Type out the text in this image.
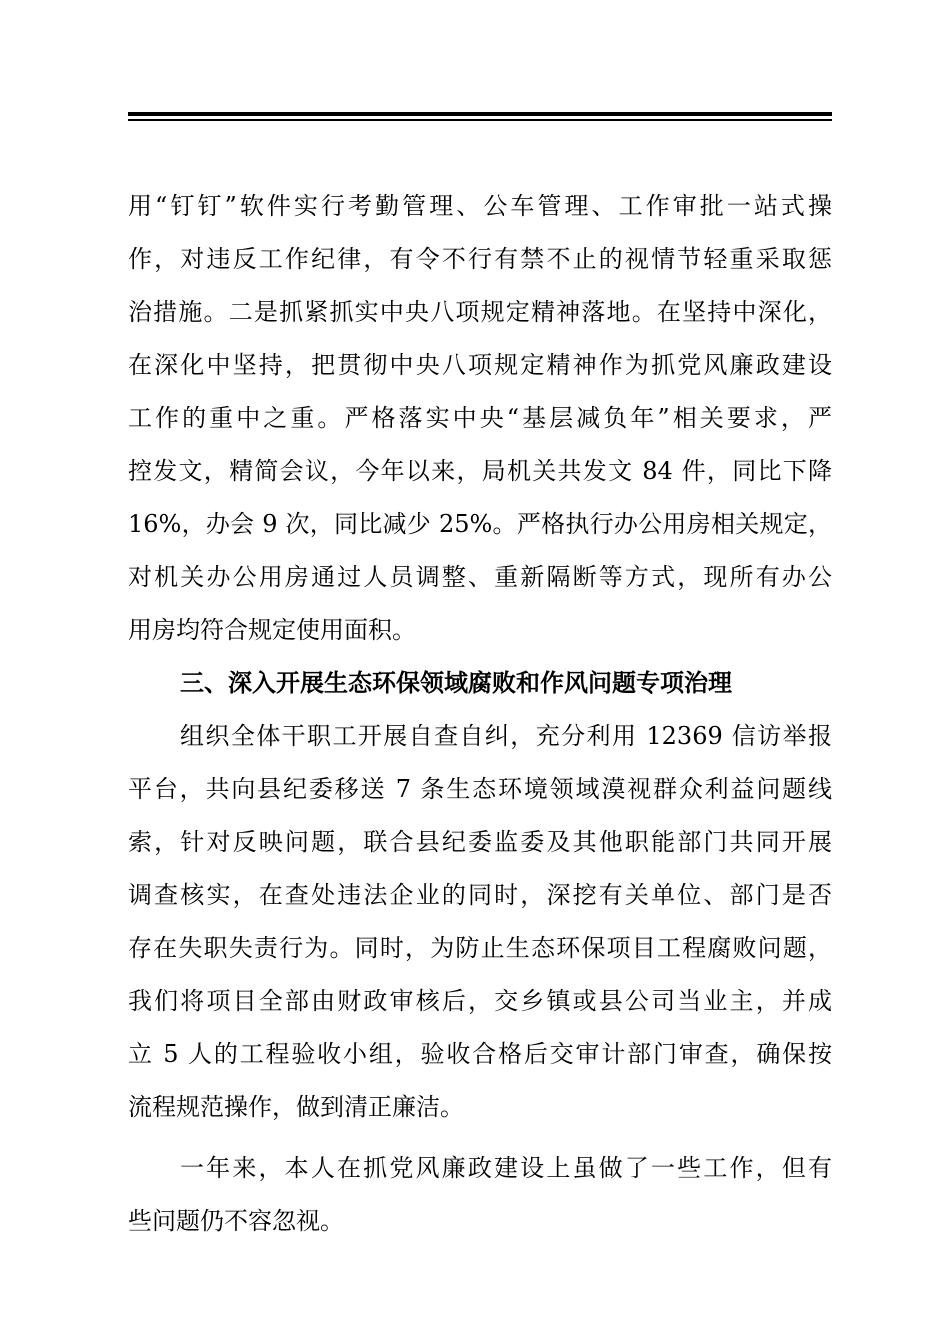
用“钉钉”软件实行考勤管理、公车管理、工作审批一站式操
作，对违反工作纪律，有令不行有禁不止的视情节轻重采取惩
治措施。二是抓紧抓实中央八项规定精神落地。在坚持中深化，
在深化中坚持，把贯彻中央八项规定精神作为抓党风廉政建设
工作的重中之重。严格落实中央“基层减负年”相关要求，严
控发文，精简会议，今年以来，局机关共发文 84 件，同比下降
16%，办会 9 次，同比减少 25%。严格执行办公用房相关规定，
对机关办公用房通过人员调整、重新隔断等方式，现所有办公
用房均符合规定使用面积。
三、深入开展生态环保领域腐败和作风问题专项治理
组织全体干职工开展自查自纠，充分利用 12369 信访举报
平台，共向县纪委移送 7 条生态环境领域漠视群众利益问题线
索，针对反映问题，联合县纪委监委及其他职能部门共同开展
调查核实，在查处违法企业的同时，深挖有关单位、部门是否
存在失职失责行为。同时，为防止生态环保项目工程腐败问题，
我们将项目全部由财政审核后，交乡镇或县公司当业主，并成
立 5 人的工程验收小组，验收合格后交审计部门审查，确保按
流程规范操作，做到清正廉洁。
一年来，本人在抓党风廉政建设上虽做了一些工作，但有
些问题仍不容忽视。
